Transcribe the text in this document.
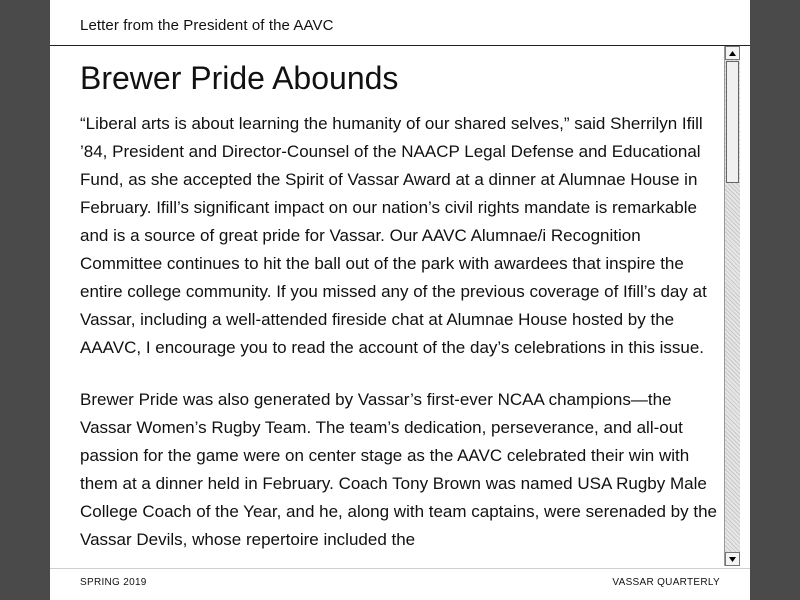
Letter from the President of the AAVC
Brewer Pride Abounds

“Liberal arts is about learning the humanity of our shared selves,” said Sherrilyn Ifill ’84, President and Director-Counsel of the NAACP Legal Defense and Educational Fund, as she accepted the Spirit of Vassar Award at a dinner at Alumnae House in February. Ifill’s significant impact on our nation’s civil rights mandate is remarkable and is a source of great pride for Vassar. Our AAVC Alumnae/i Recognition Committee continues to hit the ball out of the park with awardees that inspire the entire college community. If you missed any of the previous coverage of Ifill’s day at Vassar, including a well-attended fireside chat at Alumnae House hosted by the AAAVC, I encourage you to read the account of the day’s celebrations in this issue.

Brewer Pride was also generated by Vassar’s first-ever NCAA champions—the Vassar Women’s Rugby Team. The team’s dedication, perseverance, and all-out passion for the game were on center stage as the AAVC celebrated their win with them at a dinner held in February. Coach Tony Brown was named USA Rugby Male College Coach of the Year, and he, along with team captains, were serenaded by the Vassar Devils, whose repertoire included the

SPRING 2019	VASSAR QUARTERLY
